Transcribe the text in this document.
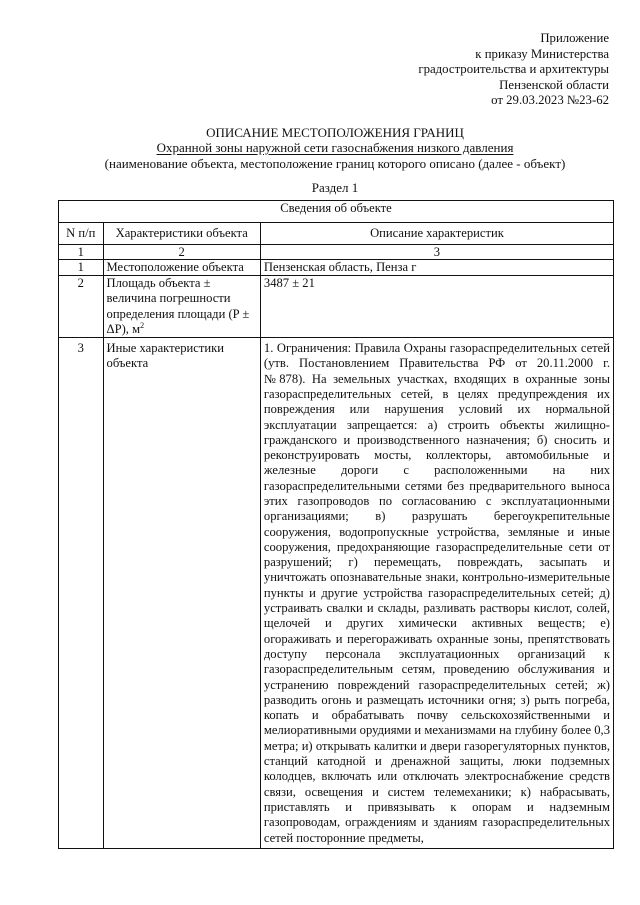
Приложение
к приказу Министерства
градостроительства и архитектуры
Пензенской области
от 29.03.2023 №23-62
ОПИСАНИЕ МЕСТОПОЛОЖЕНИЯ ГРАНИЦ
Охранной зоны наружной сети газоснабжения низкого давления
(наименование объекта, местоположение границ которого описано (далее - объект)
Раздел 1
Сведения об объекте		
N п/п	Характеристики объекта	Описание характеристик
1	2	3
1	Местоположение объекта	Пензенская область, Пенза г
2	Площадь объекта ± величина погрешности определения площади (P ± ΔP), $м^2$	3487 ± 21
3	Иные характеристики объекта	1. Ограничения: Правила Охраны газораспределительных сетей (утв. Постановлением Правительства РФ от 20.11.2000 г. №878). На земельных участках, входящих в охранные зоны газораспределительных сетей, в целях предупреждения их повреждения или нарушения условий их нормальной эксплуатации запрещается: а) строить объекты жилищно-гражданского и производственного назначения; б) сносить и реконструировать мосты, коллекторы, автомобильные и железные дороги с расположенными на них газораспределительными сетями без предварительного выноса этих газопроводов по согласованию с эксплуатационными организациями; в) разрушать берегоукрепительные сооружения, водопропускные устройства, земляные и иные сооружения, предохраняющие газораспределительные сети от разрушений; г) перемещать, повреждать, засыпать и уничтожать опознавательные знаки, контрольно-измерительные пункты и другие устройства газораспределительных сетей; д) устраивать свалки и склады, разливать растворы кислот, солей, щелочей и других химически активных веществ; е) огораживать и перегораживать охранные зоны, препятствовать доступу персонала эксплуатационных организаций к газораспределительным сетям, проведению обслуживания и устранению повреждений газораспределительных сетей; ж) разводить огонь и размещать источники огня; з) рыть погреба, копать и обрабатывать почву сельскохозяйственными и мелиоративными орудиями и механизмами на глубину более 0,3 метра; и) открывать калитки и двери газорегуляторных пунктов, станций катодной и дренажной защиты, люки подземных колодцев, включать или отключать электроснабжение средств связи, освещения и систем телемеханики; к) набрасывать, приставлять и привязывать к опорам и надземным газопроводам, ограждениям и зданиям газораспределительных сетей посторонние предметы,
